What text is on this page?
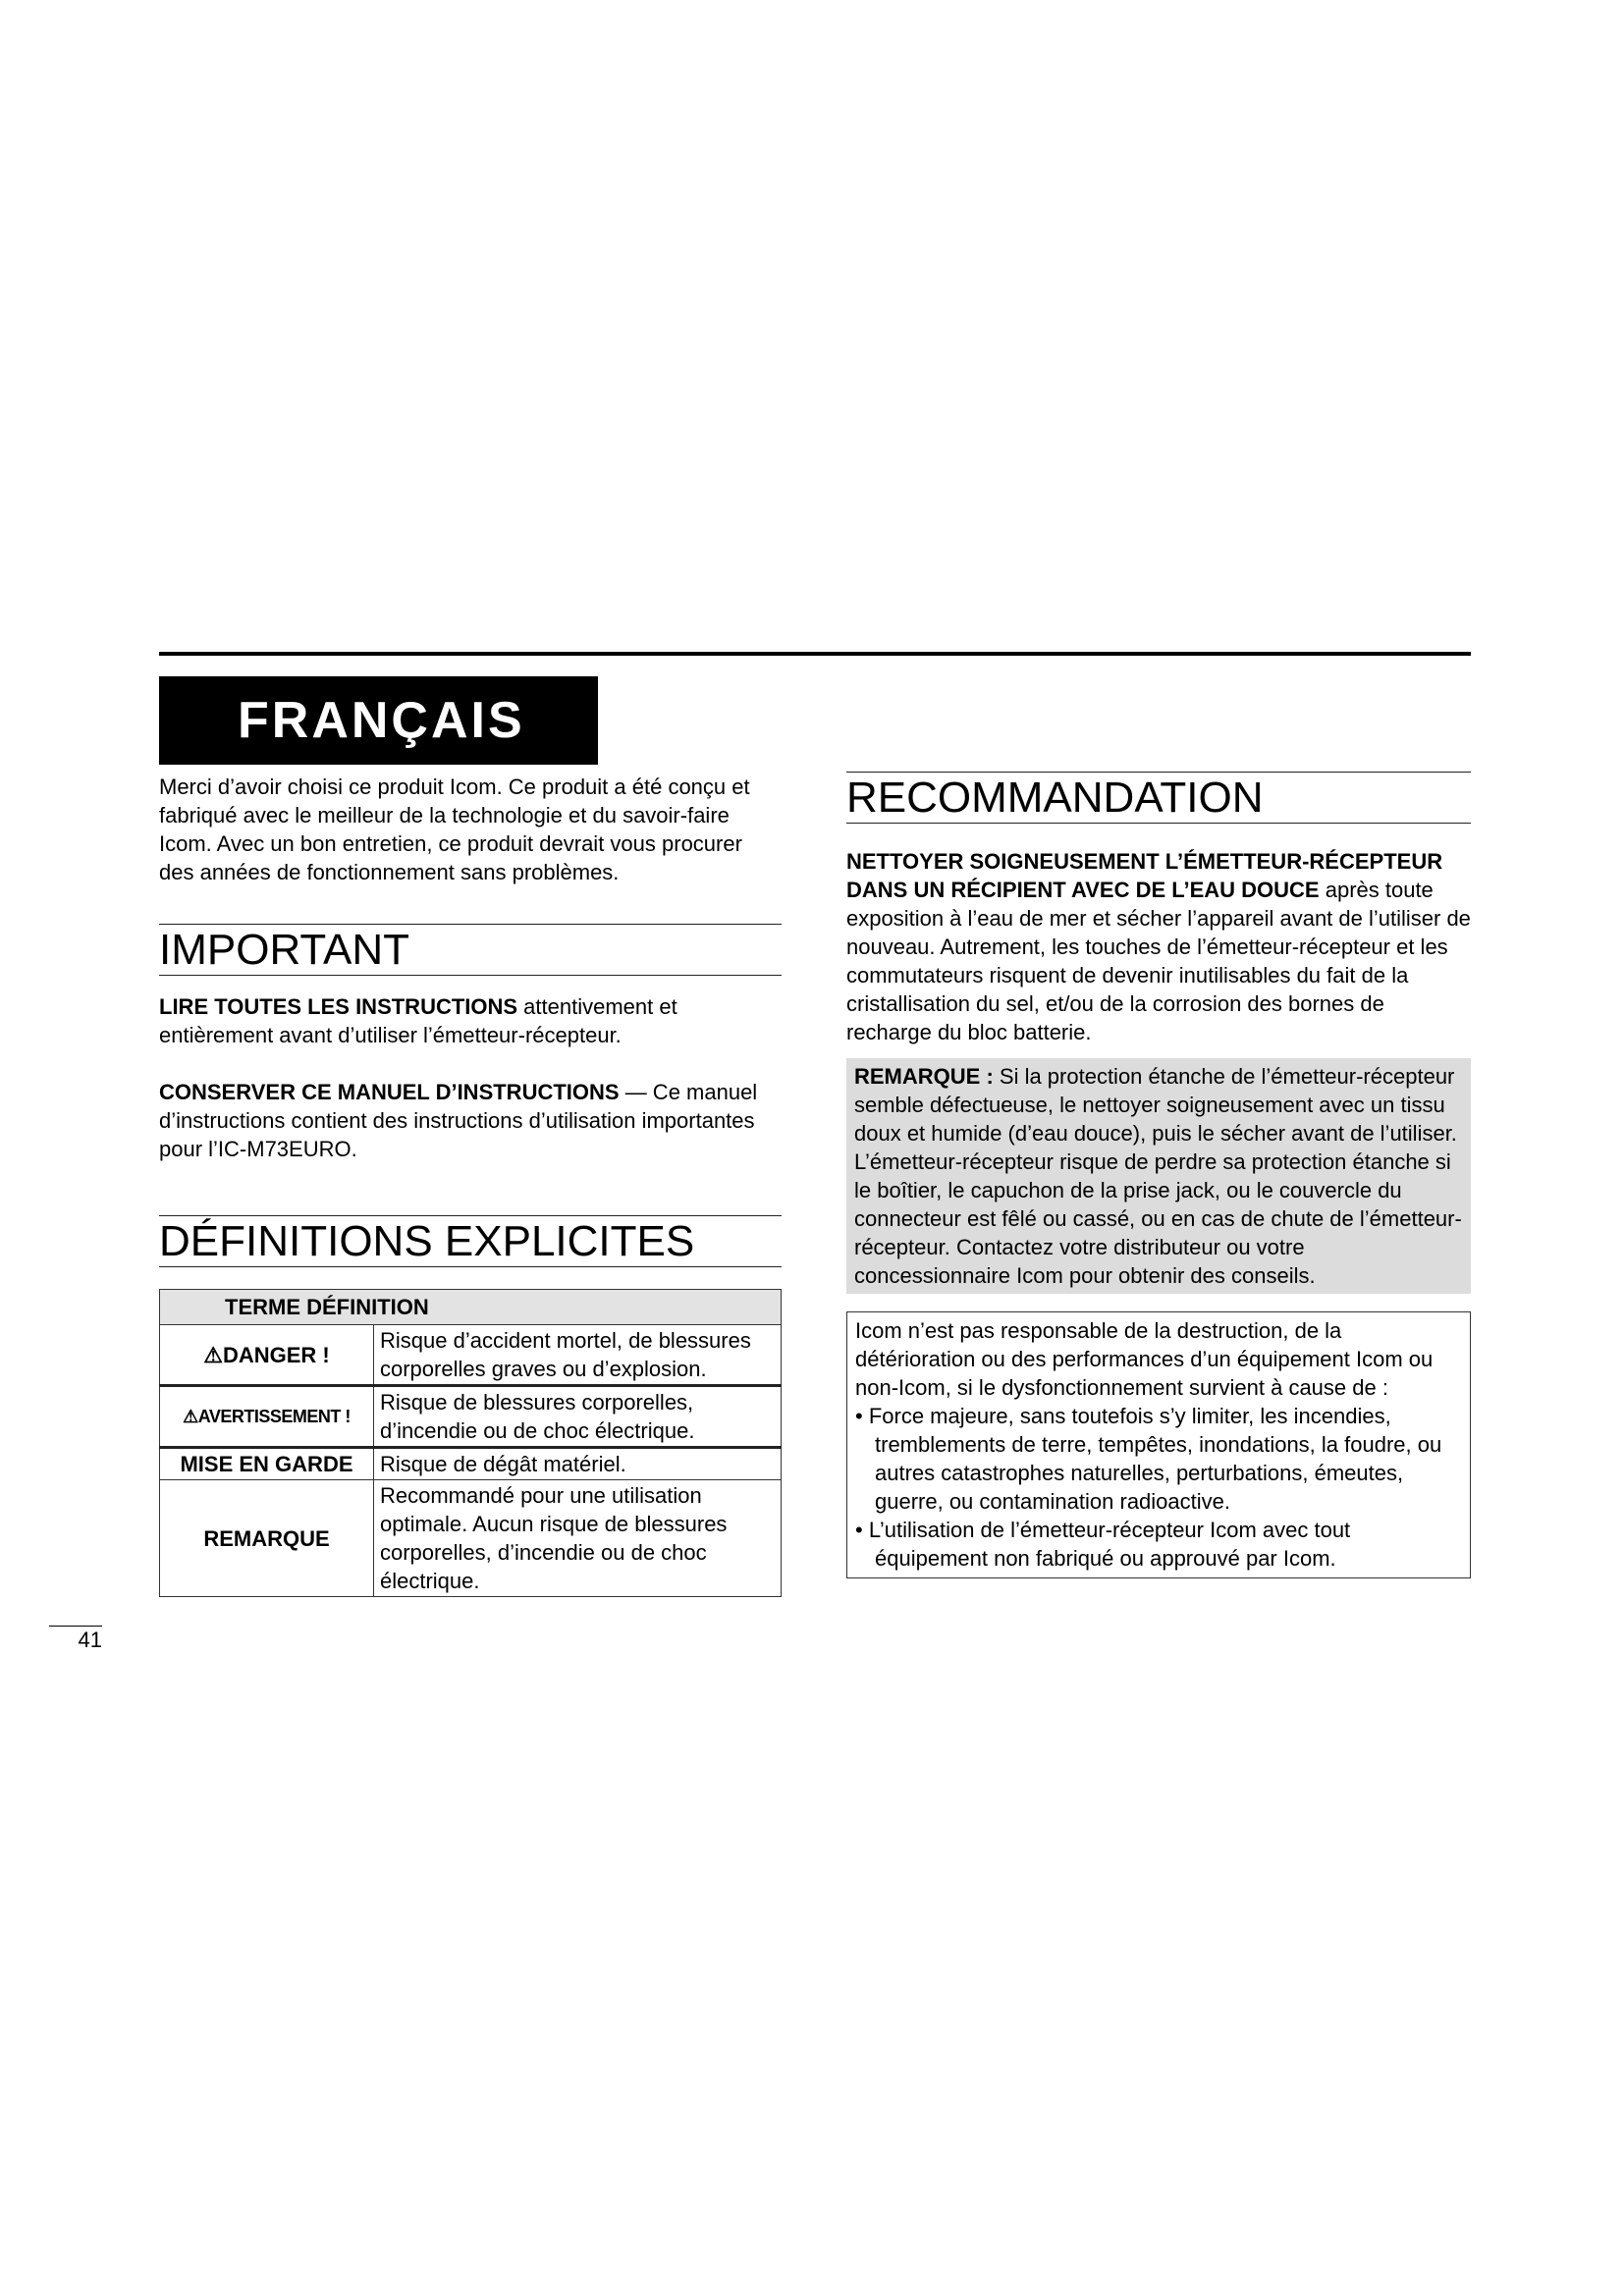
FRANÇAIS

Merci d’avoir choisi ce produit Icom. Ce produit a été conçu et fabriqué avec le meilleur de la technologie et du savoir-faire Icom. Avec un bon entretien, ce produit devrait vous procurer des années de fonctionnement sans problèmes.

IMPORTANT

LIRE TOUTES LES INSTRUCTIONS attentivement et entièrement avant d’utiliser l’émetteur-récepteur.

CONSERVER CE MANUEL D’INSTRUCTIONS — Ce manuel d’instructions contient des instructions d’utilisation importantes pour l’IC-M73EURO.

DÉFINITIONS EXPLICITES
TERME DÉFINITION	
⚠DANGER !	Risque d’accident mortel, de blessures corporelles graves ou d’explosion.
⚠AVERTISSEMENT !	Risque de blessures corporelles, d’incendie ou de choc électrique.
MISE EN GARDE	Risque de dégât matériel.
REMARQUE	Recommandé pour une utilisation optimale. Aucun risque de blessures corporelles, d’incendie ou de choc électrique.
RECOMMANDATION

NETTOYER SOIGNEUSEMENT L’ÉMETTEUR-RÉCEPTEUR DANS UN RÉCIPIENT AVEC DE L’EAU DOUCE après toute exposition à l’eau de mer et sécher l’appareil avant de l’utiliser de nouveau. Autrement, les touches de l’émetteur-récepteur et les commutateurs risquent de devenir inutilisables du fait de la cristallisation du sel, et/ou de la corrosion des bornes de recharge du bloc batterie.

REMARQUE : Si la protection étanche de l’émetteur-récepteur semble défectueuse, le nettoyer soigneusement avec un tissu doux et humide (d’eau douce), puis le sécher avant de l’utiliser. L’émetteur-récepteur risque de perdre sa protection étanche si le boîtier, le capuchon de la prise jack, ou le couvercle du connecteur est fêlé ou cassé, ou en cas de chute de l’émetteur-récepteur. Contactez votre distributeur ou votre concessionnaire Icom pour obtenir des conseils.

Icom n’est pas responsable de la destruction, de la détérioration ou des performances d’un équipement Icom ou non-Icom, si le dysfonctionnement survient à cause de :

• Force majeure, sans toutefois s’y limiter, les incendies, tremblements de terre, tempêtes, inondations, la foudre, ou autres catastrophes naturelles, perturbations, émeutes, guerre, ou contamination radioactive.
• L’utilisation de l’émetteur-récepteur Icom avec tout équipement non fabriqué ou approuvé par Icom.
41
